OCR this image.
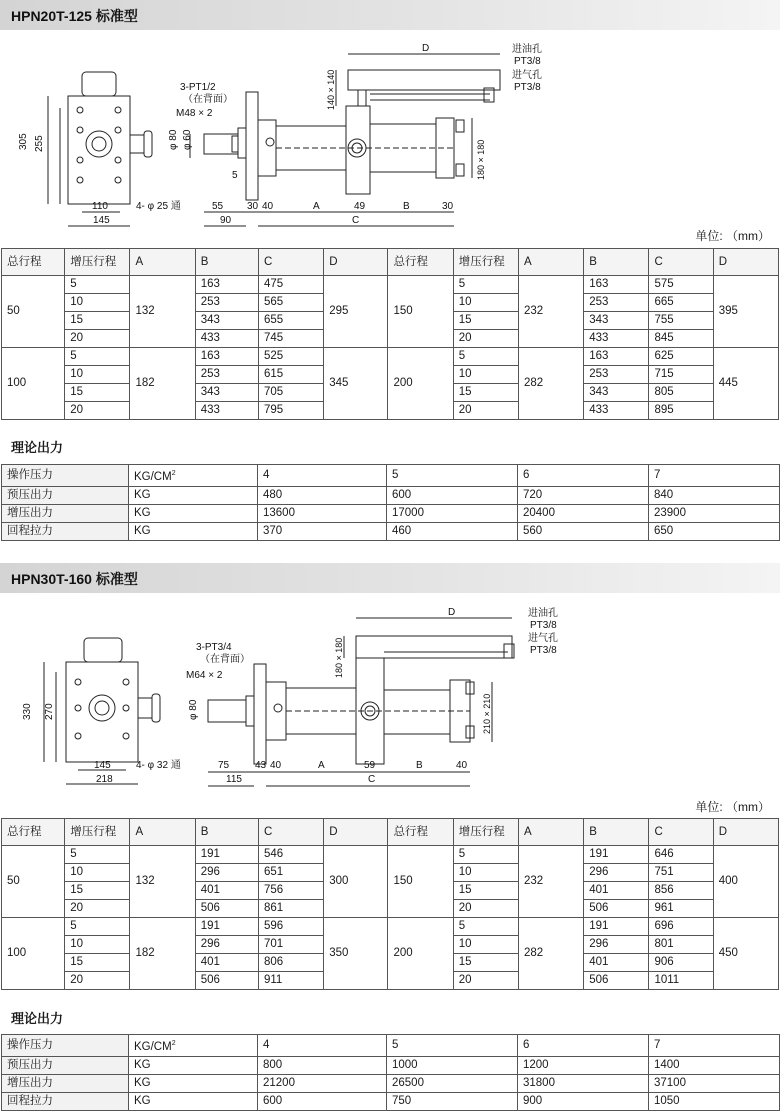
HPN20T-125 标准型
305 255
110
145
4- φ 25 通
3-PT1/2
（在背面）
M48 × 2
φ 80 φ 60
5
55 30 40	A	49	B	30
90	C
D
140 × 140
180 × 180
进油孔
PT3/8
进气孔
PT3/8
单位: （mm）
总行程	增压行程	A	B	C	D	总行程	增压行程	A	B	C	D
50	5	132	163	475	295	150	5	232	163	575	395
	10		253	565			10		253	665	
	15		343	655			15		343	755	
	20		433	745			20		433	845	
100	5	182	163	525	345	200	5	282	163	625	445
	10		253	615			10		253	715	
	15		343	705			15		343	805	
	20		433	795			20		433	895	
理论出力
操作压力	$KG/CM^2$	4	5	6	7
预压出力	KG	480	600	720	840
增压出力	KG	13600	17000	20400	23900
回程拉力	KG	370	460	560	650
HPN30T-160 标准型
330 270
145
218
4- φ 32 通
3-PT3/4
（在背面）
M64 × 2
φ 80
75	43 40	A	59	B	40
115	C
D
180 × 180
210 × 210
进油孔
PT3/8
进气孔
PT3/8
单位: （mm）
总行程	增压行程	A	B	C	D	总行程	增压行程	A	B	C	D
50	5	132	191	546	300	150	5	232	191	646	400
	10		296	651			10		296	751	
	15		401	756			15		401	856	
	20		506	861			20		506	961	
100	5	182	191	596	350	200	5	282	191	696	450
	10		296	701			10		296	801	
	15		401	806			15		401	906	
	20		506	911			20		506	1011	
理论出力
操作压力	$KG/CM^2$	4	5	6	7
预压出力	KG	800	1000	1200	1400
增压出力	KG	21200	26500	31800	37100
回程拉力	KG	600	750	900	1050
